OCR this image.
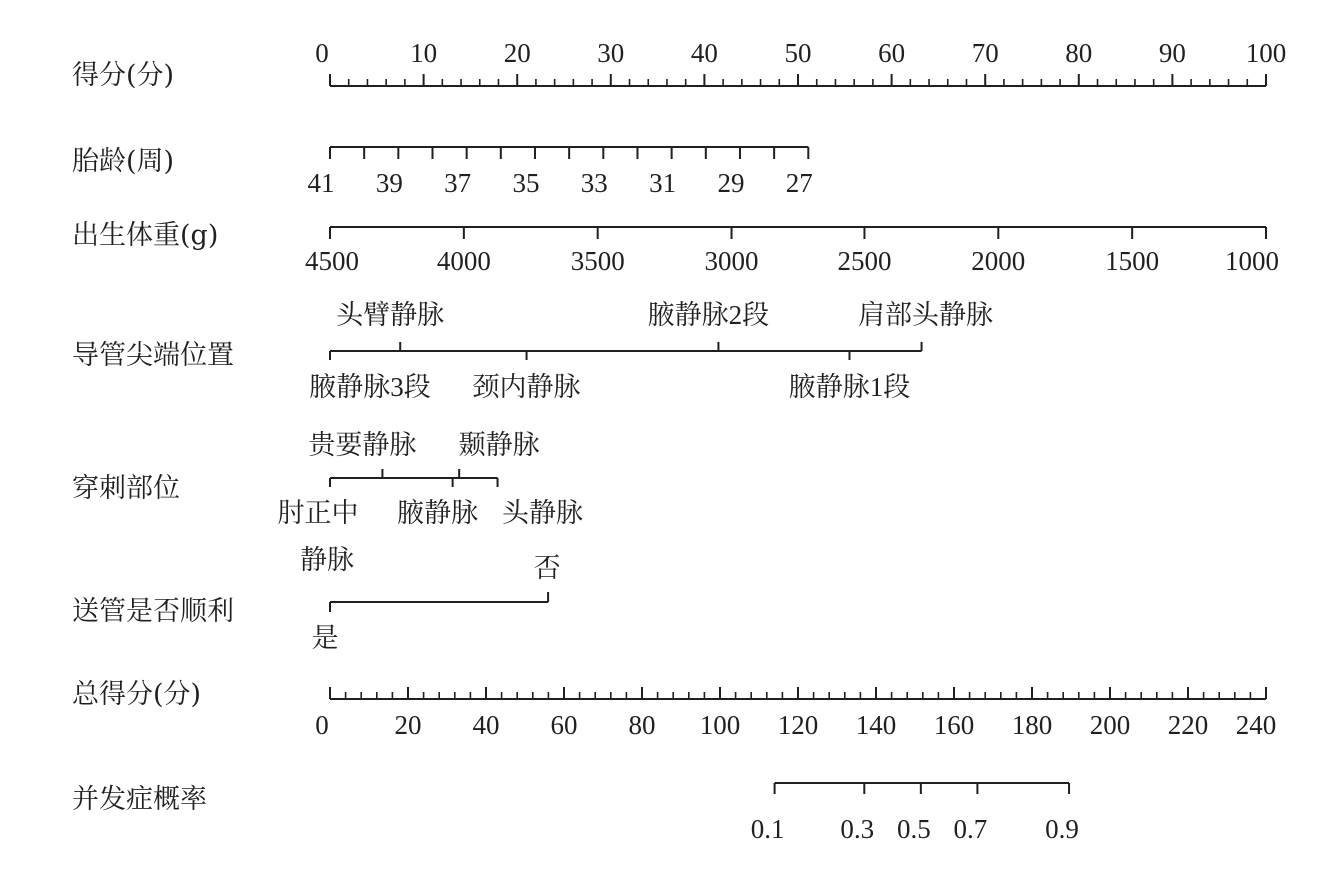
得分(分)
胎龄(周)
出生体重(g)
导管尖端位置
穿刺部位
送管是否顺利
总得分(分)
并发症概率
静脉
0	10 20 30 40 50 60 70 80 90 100
41 39 37 35 33 31 29 27
4500	4000	3500	3000	2500	2000	1500 1000
腋静脉3段
头臂静脉
颈内静脉
腋静脉2段
腋静脉1段
肩部头静脉
肘正中
贵要静脉
腋静脉
颞静脉
头静脉
是
否
0 20 40 60 80 100 120 140 160 180 200 220 240
0.1 0.3 0.5 0.7 0.9
